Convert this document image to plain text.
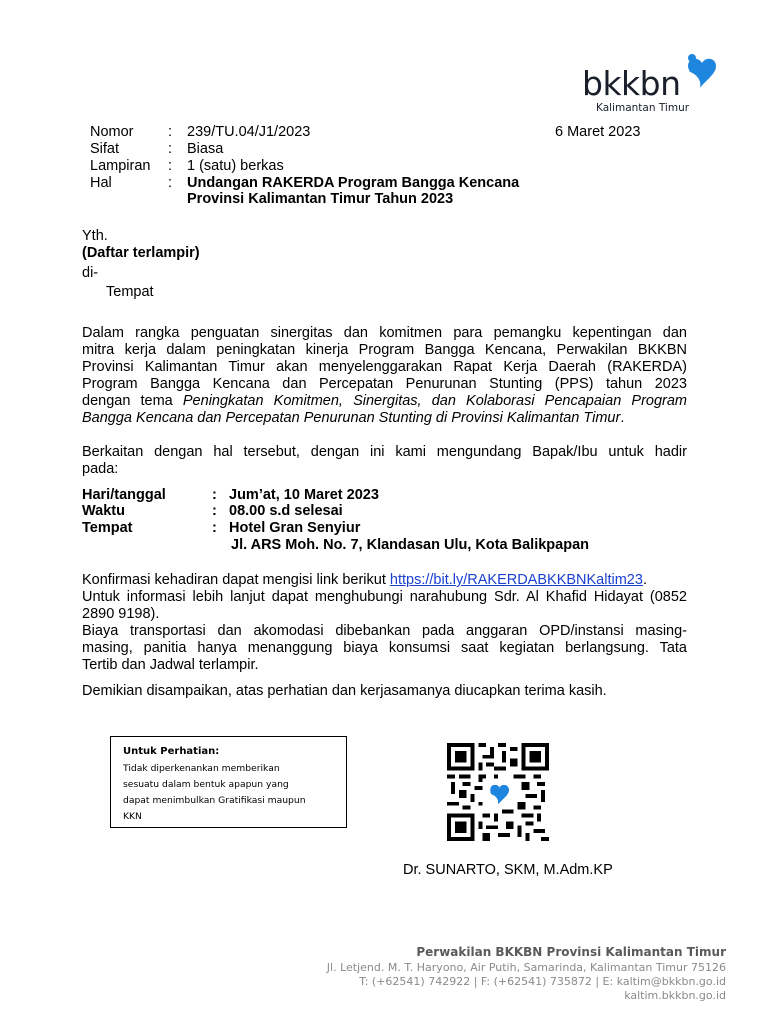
bkkbn
Kalimantan Timur
Nomor : 239/TU.04/J1/2023	6 Maret 2023
Sifat	: Biasa
Lampiran : 1 (satu) berkas
Hal	: Undangan RAKERDA Program Bangga Kencana
Provinsi Kalimantan Timur Tahun 2023
Yth.
(Daftar terlampir)
di-
Tempat
Dalam rangka penguatan sinergitas dan komitmen para pemangku kepentingan dan
mitra kerja dalam peningkatan kinerja Program Bangga Kencana, Perwakilan BKKBN
Provinsi Kalimantan Timur akan menyelenggarakan Rapat Kerja Daerah (RAKERDA)
Program Bangga Kencana dan Percepatan Penurunan Stunting (PPS) tahun 2023
dengan tema Peningkatan Komitmen, Sinergitas, dan Kolaborasi Pencapaian Program
Bangga Kencana dan Percepatan Penurunan Stunting di Provinsi Kalimantan Timur.
Berkaitan dengan hal tersebut, dengan ini kami mengundang Bapak/Ibu untuk hadir
pada:
Hari/tanggal	: Jum’at, 10 Maret 2023
Waktu	: 08.00 s.d selesai
Tempat	: Hotel Gran Senyiur
Jl. ARS Moh. No. 7, Klandasan Ulu, Kota Balikpapan
Konfirmasi kehadiran dapat mengisi link berikut https://bit.ly/RAKERDABKKBNKaltim23.
Untuk informasi lebih lanjut dapat menghubungi narahubung Sdr. Al Khafid Hidayat (0852
2890 9198).
Biaya transportasi dan akomodasi dibebankan pada anggaran OPD/instansi masing-
masing, panitia hanya menanggung biaya konsumsi saat kegiatan berlangsung. Tata
Tertib dan Jadwal terlampir.
Demikian disampaikan, atas perhatian dan kerjasamanya diucapkan terima kasih.
Untuk Perhatian:
Tidak diperkenankan memberikan
sesuatu dalam bentuk apapun yang
dapat menimbulkan Gratifikasi maupun
KKN
Dr. SUNARTO, SKM, M.Adm.KP
Perwakilan BKKBN Provinsi Kalimantan Timur
Jl. Letjend. M. T. Haryono, Air Putih, Samarinda, Kalimantan Timur 75126
T: (+62541) 742922 | F: (+62541) 735872 | E: kaltim@bkkbn.go.id
kaltim.bkkbn.go.id
